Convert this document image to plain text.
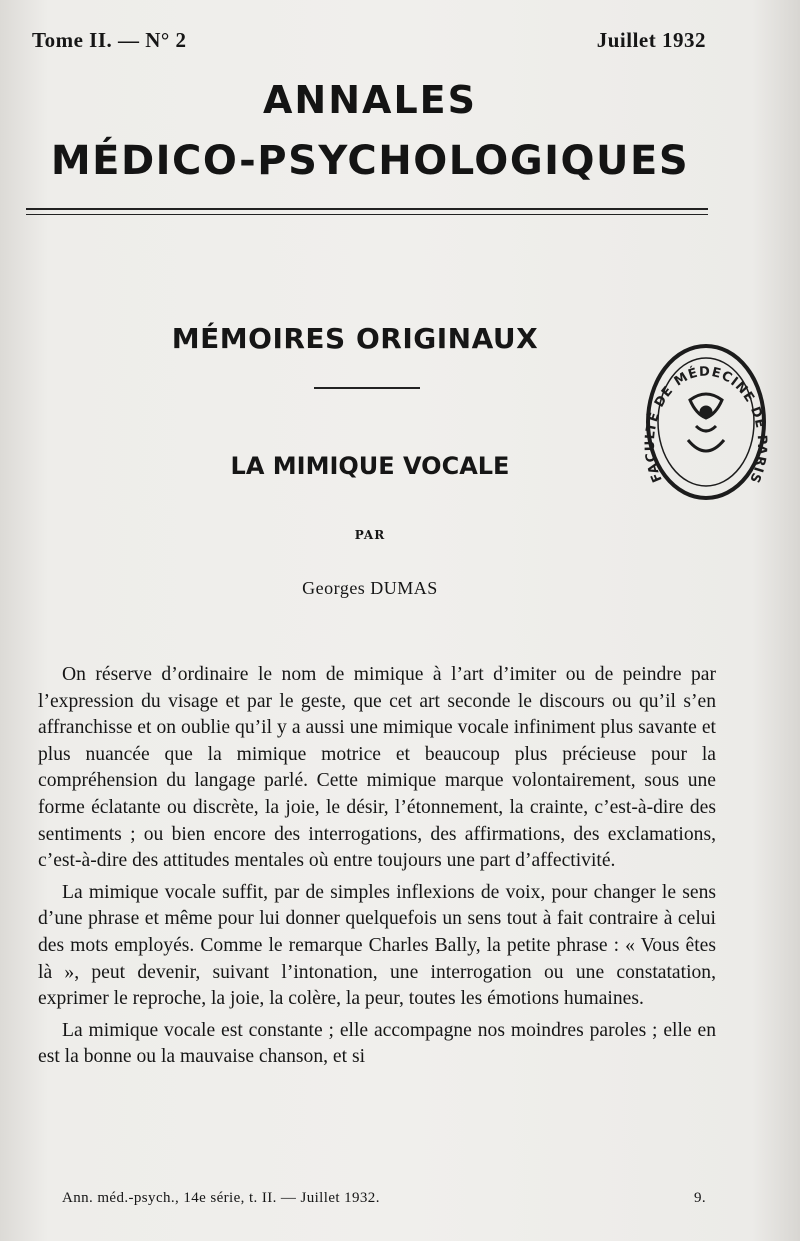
Tome II. — N° 2	Juillet 1932
ANNALES
MÉDICO-PSYCHOLOGIQUES
MÉMOIRES ORIGINAUX
FACULTÉ DE MÉDECINE DE PARIS
LA MIMIQUE VOCALE
PAR
Georges DUMAS

On réserve d’ordinaire le nom de mimique à l’art d’imiter ou de peindre par l’expression du visage et par le geste, que cet art seconde le discours ou qu’il s’en affranchisse et on oublie qu’il y a aussi une mimique vocale infiniment plus savante et plus nuancée que la mimique motrice et beaucoup plus précieuse pour la compréhension du langage parlé. Cette mimique marque volontairement, sous une forme éclatante ou discrète, la joie, le désir, l’étonnement, la crainte, c’est-à-dire des sentiments ; ou bien encore des interrogations, des affirmations, des exclamations, c’est-à-dire des attitudes mentales où entre toujours une part d’affectivité.

La mimique vocale suffit, par de simples inflexions de voix, pour changer le sens d’une phrase et même pour lui donner quelquefois un sens tout à fait contraire à celui des mots employés. Comme le remarque Charles Bally, la petite phrase : « Vous êtes là », peut devenir, suivant l’intonation, une interrogation ou une constatation, exprimer le reproche, la joie, la colère, la peur, toutes les émotions humaines.

La mimique vocale est constante ; elle accompagne nos moindres paroles ; elle en est la bonne ou la mauvaise chanson, et si

Ann. méd.-psych., 14e série, t. II. — Juillet 1932.	9.
